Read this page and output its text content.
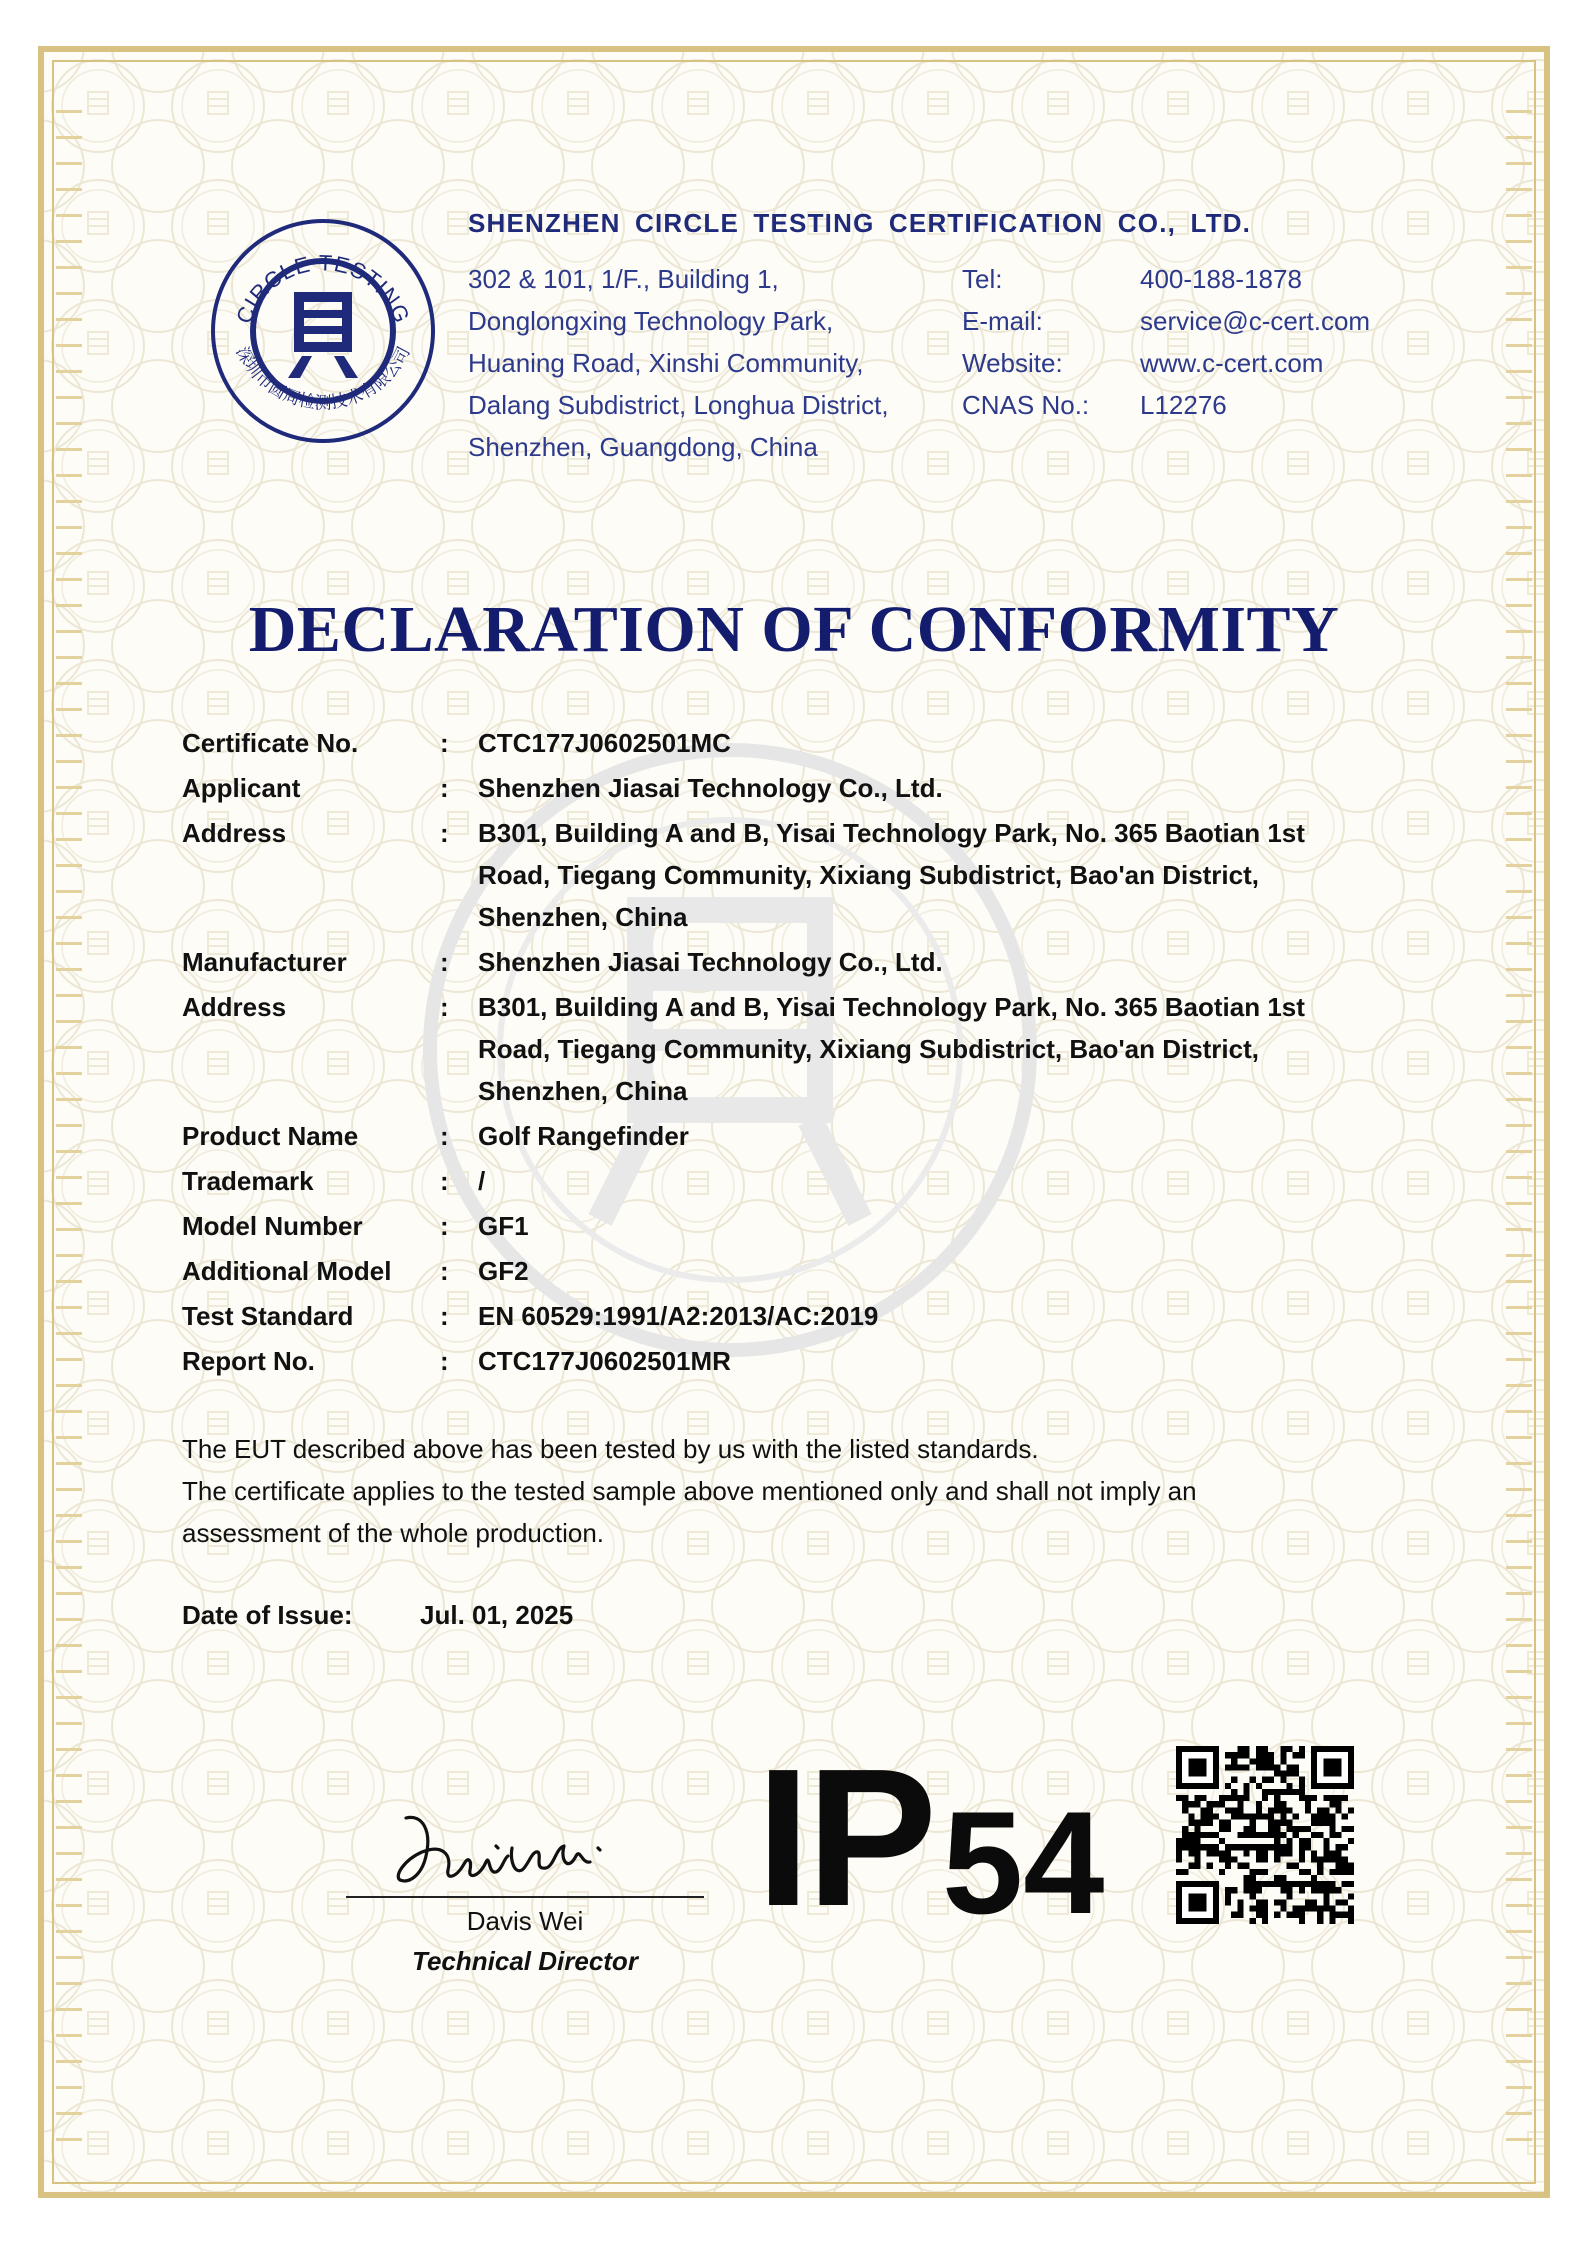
CIRCLE TESTING
深圳市圆周检测技术有限公司
SHENZHEN CIRCLE TESTING CERTIFICATION CO., LTD.
302 & 101, 1/F., Building 1,
Donglongxing Technology Park,
Huaning Road, Xinshi Community,
Dalang Subdistrict, Longhua District,
Shenzhen, Guangdong, China
Tel:	400-188-1878
E-mail:	service@c-cert.com
Website:	www.c-cert.com
CNAS No.:	L12276
DECLARATION OF CONFORMITY
Certificate No.	:	CTC177J0602501MC
Applicant	:	Shenzhen Jiasai Technology Co., Ltd.
Address	:	B301, Building A and B, Yisai Technology Park, No. 365 Baotian 1st
Road, Tiegang Community, Xixiang Subdistrict, Bao'an District,
Shenzhen, China
Manufacturer	:	Shenzhen Jiasai Technology Co., Ltd.
Address	:	B301, Building A and B, Yisai Technology Park, No. 365 Baotian 1st
Road, Tiegang Community, Xixiang Subdistrict, Bao'an District,
Shenzhen, China
Product Name	:	Golf Rangefinder
Trademark	:	/
Model Number	:	GF1
Additional Model	:	GF2
Test Standard	:	EN 60529:1991/A2:2013/AC:2019
Report No.	:	CTC177J0602501MR
The EUT described above has been tested by us with the listed standards.
The certificate applies to the tested sample above mentioned only and shall not imply an
assessment of the whole production.
Date of Issue:	Jul. 01, 2025
Davis Wei
Technical Director
IP 54
